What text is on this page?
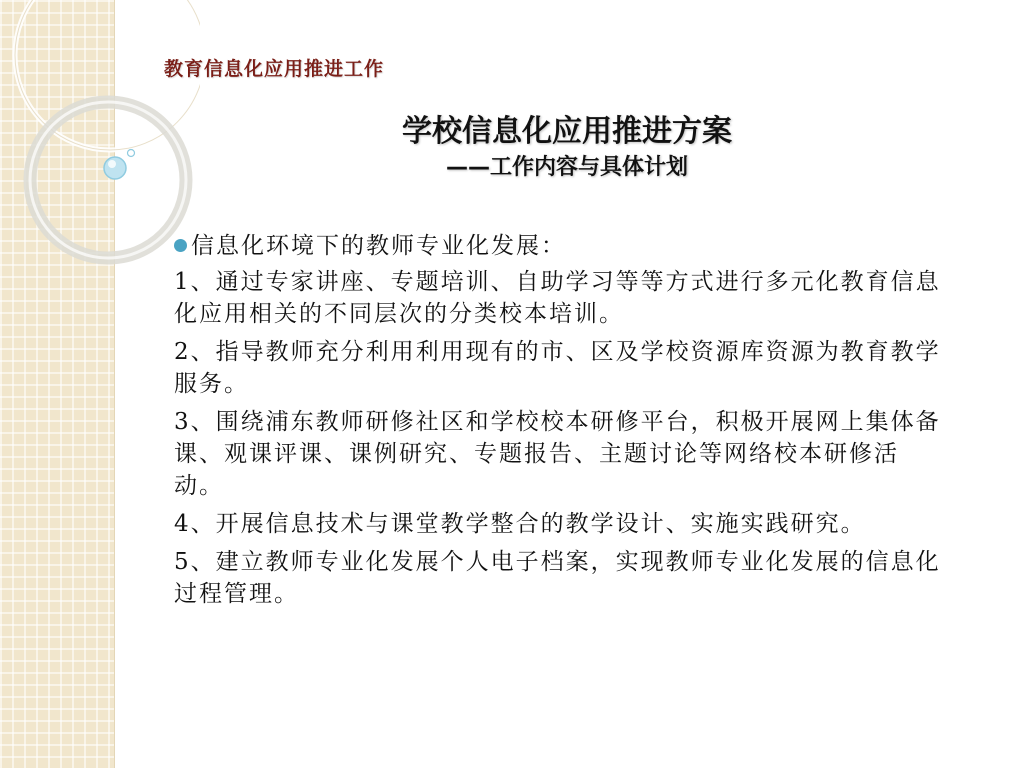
教育信息化应用推进工作
学校信息化应用推进方案
——工作内容与具体计划
信息化环境下的教师专业化发展：
1、通过专家讲座、专题培训、自助学习等等方式进行多元化教育信息化应用相关的不同层次的分类校本培训。
2、指导教师充分利用利用现有的市、区及学校资源库资源为教育教学服务。
3、围绕浦东教师研修社区和学校校本研修平台，积极开展网上集体备课、观课评课、课例研究、专题报告、主题讨论等网络校本研修活动。
4、开展信息技术与课堂教学整合的教学设计、实施实践研究。
5、建立教师专业化发展个人电子档案，实现教师专业化发展的信息化过程管理。
